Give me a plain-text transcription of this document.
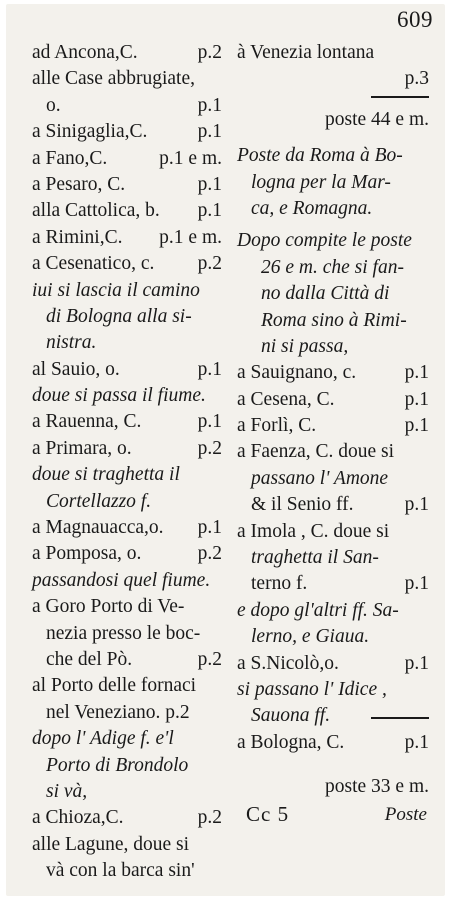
609
ad Ancona,C.	p.2
alle Case abbrugiate,
o.	p.1
a Sinigaglia,C.	p.1
a Fano,C.	p.1 e m.
a Pesaro, C.	p.1
alla Cattolica, b. p.1
a Rimini,C. p.1 e m.
a Cesenatico, c. p.2
iui si lascia il camino
di Bologna alla si-
nistra.
al Sauio, o.	p.1
doue si passa il fiume.
a Rauenna, C.	p.1
a Primara, o.	p.2
doue si traghetta il
Cortellazzo f.
a Magnauacca,o. p.1
a Pomposa, o.	p.2
passandosi quel fiume.
a Goro Porto di Ve-
nezia presso le boc-
che del Pò.	p.2
al Porto delle fornaci
nel Veneziano. p.2
dopo l' Adige f. e'l
Porto di Brondolo
si và,
a Chioza,C.	p.2
alle Lagune, doue si
và con la barca sin'
à Venezia lontana
p.3
poste 44 e m.
Poste da Roma à Bo-
logna per la Mar-
ca, e Romagna.
Dopo compite le poste
26 e m. che si fan-
no dalla Città di
Roma sino à Rimi-
ni si passa,
a Sauignano, c. p.1
a Cesena, C.	p.1
a Forlì, C.	p.1
a Faenza, C. doue si
passano l' Amone
& il Senio ff.	p.1
a Imola , C. doue si
traghetta il San-
terno f.	p.1
e dopo gl'altri ff. Sa-
lerno, e Giaua.
a S.Nicolò,o.	p.1
si passano l' Idice ,
Sauona ff.
a Bologna, C.	p.1
poste 33 e m.
Cc 5	Poste
